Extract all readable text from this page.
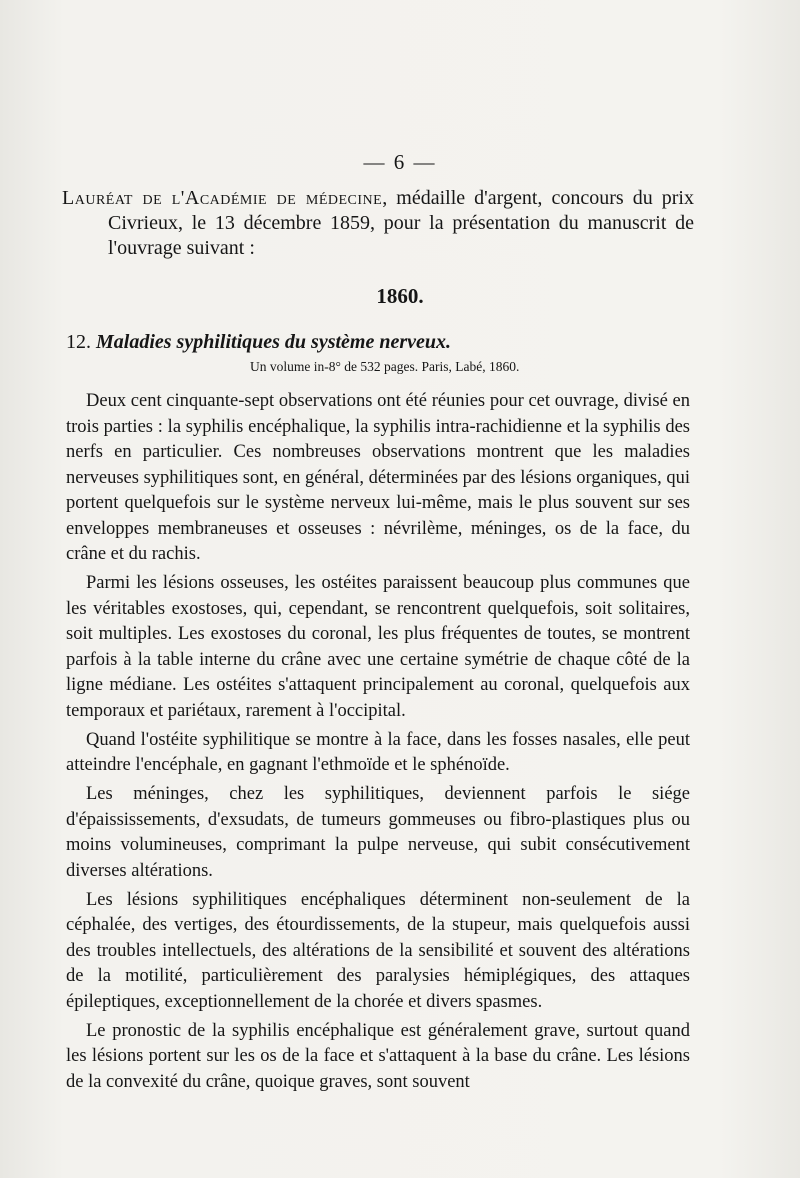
— 6 —

Lauréat de l'Académie de médecine, médaille d'argent, concours du prix Civrieux, le 13 décembre 1859, pour la présentation du manuscrit de l'ouvrage suivant :

1860.
12. Maladies syphilitiques du système nerveux.
Un volume in-8° de 532 pages. Paris, Labé, 1860.

Deux cent cinquante-sept observations ont été réunies pour cet ouvrage, divisé en trois parties : la syphilis encéphalique, la syphilis intra-rachidienne et la syphilis des nerfs en particulier. Ces nombreuses observations montrent que les maladies nerveuses syphilitiques sont, en général, déterminées par des lésions organiques, qui portent quelquefois sur le système nerveux lui-même, mais le plus souvent sur ses enveloppes membraneuses et osseuses : névrilème, méninges, os de la face, du crâne et du rachis.

Parmi les lésions osseuses, les ostéites paraissent beaucoup plus communes que les véritables exostoses, qui, cependant, se rencontrent quelquefois, soit solitaires, soit multiples. Les exostoses du coronal, les plus fréquentes de toutes, se montrent parfois à la table interne du crâne avec une certaine symétrie de chaque côté de la ligne médiane. Les ostéites s'attaquent principalement au coronal, quelquefois aux temporaux et pariétaux, rarement à l'occipital.

Quand l'ostéite syphilitique se montre à la face, dans les fosses nasales, elle peut atteindre l'encéphale, en gagnant l'ethmoïde et le sphénoïde.

Les méninges, chez les syphilitiques, deviennent parfois le siége d'épaississements, d'exsudats, de tumeurs gommeuses ou fibro-plastiques plus ou moins volumineuses, comprimant la pulpe nerveuse, qui subit consécutivement diverses altérations.

Les lésions syphilitiques encéphaliques déterminent non-seulement de la céphalée, des vertiges, des étourdissements, de la stupeur, mais quelquefois aussi des troubles intellectuels, des altérations de la sensibilité et souvent des altérations de la motilité, particulièrement des paralysies hémiplégiques, des attaques épileptiques, exceptionnellement de la chorée et divers spasmes.

Le pronostic de la syphilis encéphalique est généralement grave, surtout quand les lésions portent sur les os de la face et s'attaquent à la base du crâne. Les lésions de la convexité du crâne, quoique graves, sont souvent
